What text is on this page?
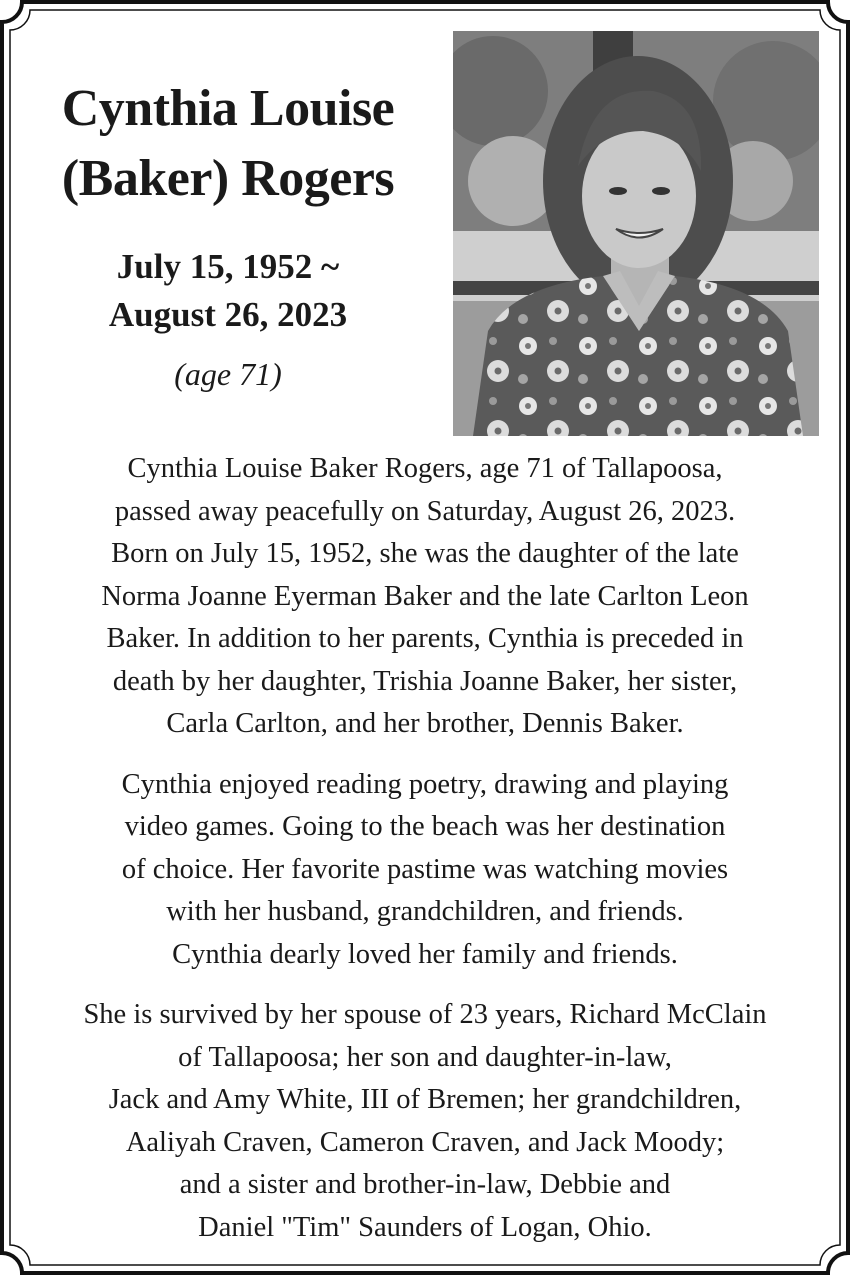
Cynthia Louise
(Baker) Rogers
July 15, 1952 ~
August 26, 2023
(age 71)
Cynthia Louise Baker Rogers, age 71 of Tallapoosa,
passed away peacefully on Saturday, August 26, 2023.
Born on July 15, 1952, she was the daughter of the late
Norma Joanne Eyerman Baker and the late Carlton Leon
Baker. In addition to her parents, Cynthia is preceded in
death by her daughter, Trishia Joanne Baker, her sister,
Carla Carlton, and her brother, Dennis Baker.
Cynthia enjoyed reading poetry, drawing and playing
video games. Going to the beach was her destination
of choice. Her favorite pastime was watching movies
with her husband, grandchildren, and friends.
Cynthia dearly loved her family and friends.
She is survived by her spouse of 23 years, Richard McClain
of Tallapoosa; her son and daughter-in-law,
Jack and Amy White, III of Bremen; her grandchildren,
Aaliyah Craven, Cameron Craven, and Jack Moody;
and a sister and brother-in-law, Debbie and
Daniel "Tim" Saunders of Logan, Ohio.
